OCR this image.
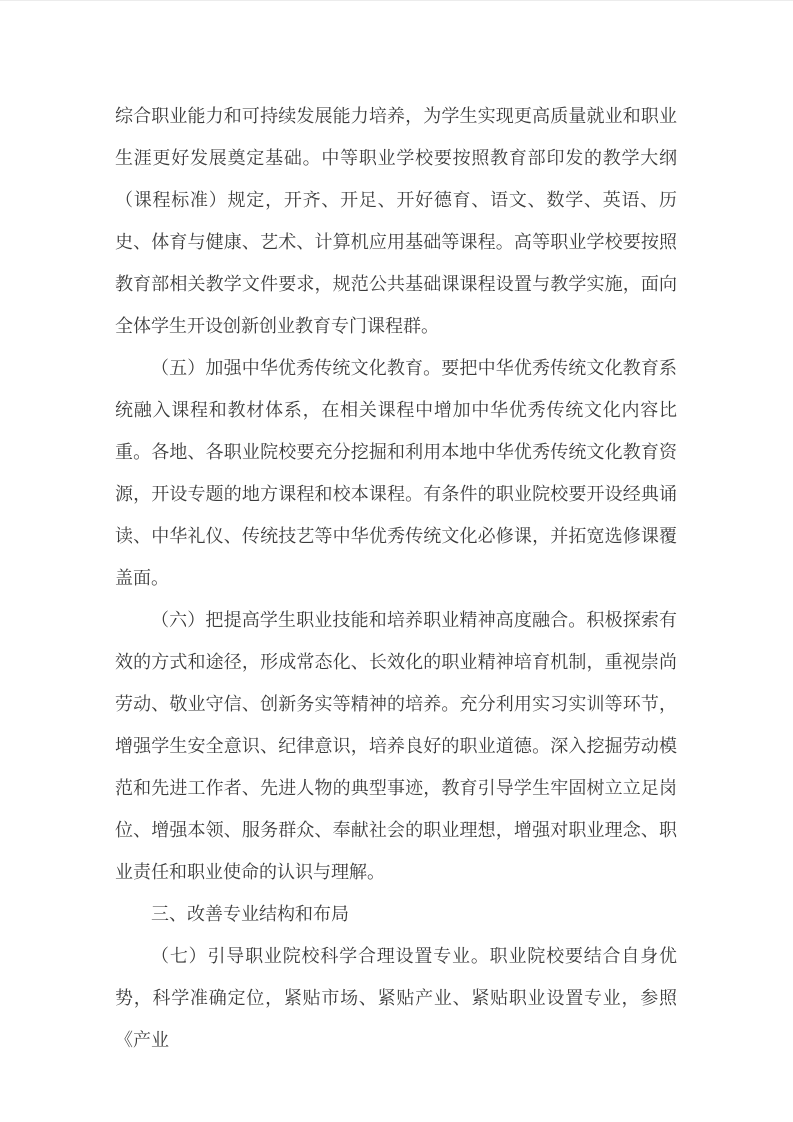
综合职业能力和可持续发展能力培养，为学生实现更高质量就业和职业生涯更好发展奠定基础。中等职业学校要按照教育部印发的教学大纲（课程标准）规定，开齐、开足、开好德育、语文、数学、英语、历史、体育与健康、艺术、计算机应用基础等课程。高等职业学校要按照教育部相关教学文件要求，规范公共基础课课程设置与教学实施，面向全体学生开设创新创业教育专门课程群。

（五）加强中华优秀传统文化教育。要把中华优秀传统文化教育系统融入课程和教材体系，在相关课程中增加中华优秀传统文化内容比重。各地、各职业院校要充分挖掘和利用本地中华优秀传统文化教育资源，开设专题的地方课程和校本课程。有条件的职业院校要开设经典诵读、中华礼仪、传统技艺等中华优秀传统文化必修课，并拓宽选修课覆盖面。

（六）把提高学生职业技能和培养职业精神高度融合。积极探索有效的方式和途径，形成常态化、长效化的职业精神培育机制，重视崇尚劳动、敬业守信、创新务实等精神的培养。充分利用实习实训等环节，增强学生安全意识、纪律意识，培养良好的职业道德。深入挖掘劳动模范和先进工作者、先进人物的典型事迹，教育引导学生牢固树立立足岗位、增强本领、服务群众、奉献社会的职业理想，增强对职业理念、职业责任和职业使命的认识与理解。

三、改善专业结构和布局

（七）引导职业院校科学合理设置专业。职业院校要结合自身优势，科学准确定位，紧贴市场、紧贴产业、紧贴职业设置专业，参照《产业
